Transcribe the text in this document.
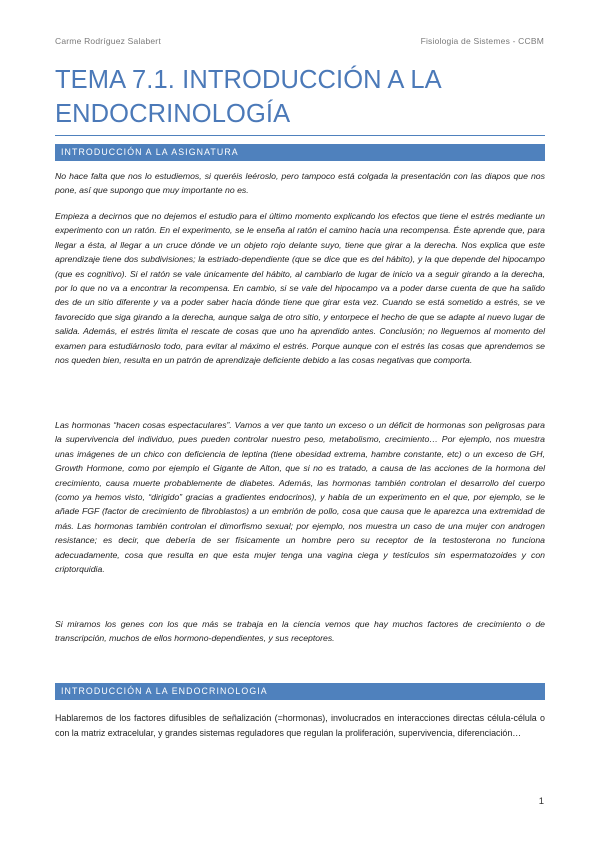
Carme Rodríguez Salabert	Fisiologia de Sistemes - CCBM
TEMA 7.1. INTRODUCCIÓN A LA ENDOCRINOLOGÍA
INTRODUCCIÓN A LA ASIGNATURA
No hace falta que nos lo estudiemos, si queréis leéroslo, pero tampoco está colgada la presentación con las diapos que nos pone, así que supongo que muy importante no es.
Empieza a decirnos que no dejemos el estudio para el último momento explicando los efectos que tiene el estrés mediante un experimento con un ratón. En el experimento, se le enseña al ratón el camino hacia una recompensa. Éste aprende que, para llegar a ésta, al llegar a un cruce dónde ve un objeto rojo delante suyo, tiene que girar a la derecha. Nos explica que este aprendizaje tiene dos subdivisiones; la estriado-dependiente (que se dice que es del hábito), y la que depende del hipocampo (que es cognitivo). Si el ratón se vale únicamente del hábito, al cambiarlo de lugar de inicio va a seguir girando a la derecha, por lo que no va a encontrar la recompensa. En cambio, si se vale del hipocampo va a poder darse cuenta de que ha salido des de un sitio diferente y va a poder saber hacia dónde tiene que girar esta vez. Cuando se está sometido a estrés, se ve favorecido que siga girando a la derecha, aunque salga de otro sitio, y entorpece el hecho de que se adapte al nuevo lugar de salida. Además, el estrés limita el rescate de cosas que uno ha aprendido antes. Conclusión; no lleguemos al momento del examen para estudiárnoslo todo, para evitar al máximo el estrés. Porque aunque con el estrés las cosas que aprendemos se nos queden bien, resulta en un patrón de aprendizaje deficiente debido a las cosas negativas que comporta.
Las hormonas “hacen cosas espectaculares”. Vamos a ver que tanto un exceso o un déficit de hormonas son peligrosas para la supervivencia del individuo, pues pueden controlar nuestro peso, metabolismo, crecimiento… Por ejemplo, nos muestra unas imágenes de un chico con deficiencia de leptina (tiene obesidad extrema, hambre constante, etc) o un exceso de GH, Growth Hormone, como por ejemplo el Gigante de Alton, que si no es tratado, a causa de las acciones de la hormona del crecimiento, causa muerte probablemente de diabetes. Además, las hormonas también controlan el desarrollo del cuerpo (como ya hemos visto, “dirigido” gracias a gradientes endocrinos), y habla de un experimento en el que, por ejemplo, se le añade FGF (factor de crecimiento de fibroblastos) a un embrión de pollo, cosa que causa que le aparezca una extremidad de más. Las hormonas también controlan el dimorfismo sexual; por ejemplo, nos muestra un caso de una mujer con androgen resistance; es decir, que debería de ser físicamente un hombre pero su receptor de la testosterona no funciona adecuadamente, cosa que resulta en que esta mujer tenga una vagina ciega y testículos sin espermatozoides y con criptorquidia.
Si miramos los genes con los que más se trabaja en la ciencia vemos que hay muchos factores de crecimiento o de transcripción, muchos de ellos hormono-dependientes, y sus receptores.
INTRODUCCIÓN A LA ENDOCRINOLOGIA
Hablaremos de los factores difusibles de señalización (=hormonas), involucrados en interacciones directas célula-célula o con la matriz extracelular, y grandes sistemas reguladores que regulan la proliferación, supervivencia, diferenciación…
1
